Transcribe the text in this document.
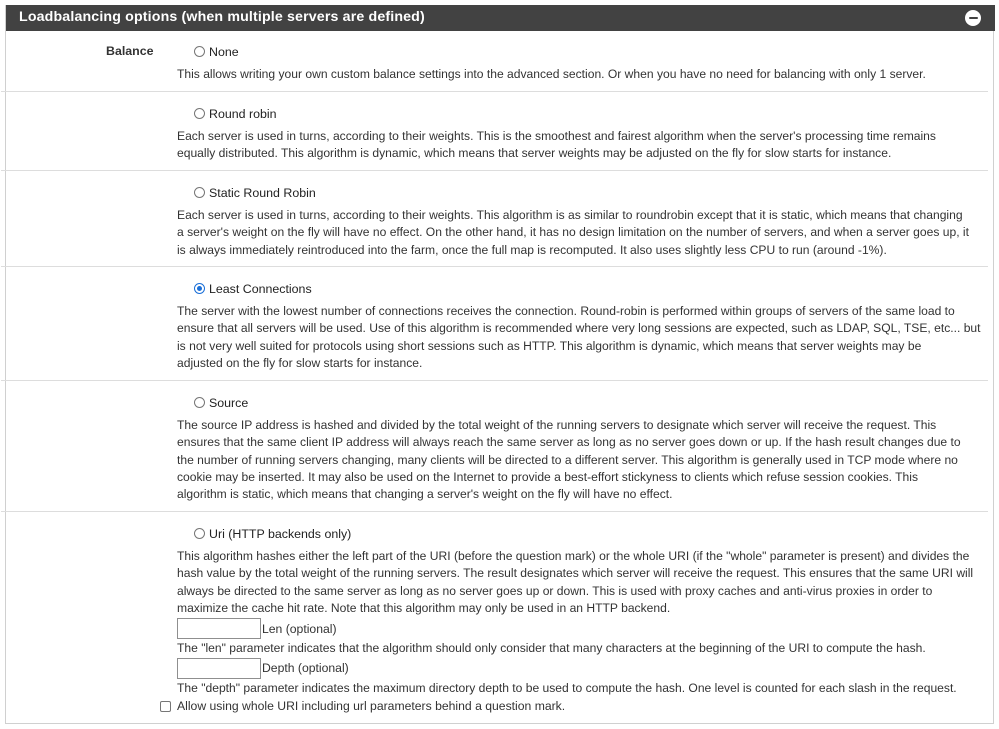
Loadbalancing options (when multiple servers are defined)
Balance	None
This allows writing your own custom balance settings into the advanced section. Or when you have no need for balancing with only 1 server.
Round robin
Each server is used in turns, according to their weights. This is the smoothest and fairest algorithm when the server's processing time remains
equally distributed. This algorithm is dynamic, which means that server weights may be adjusted on the fly for slow starts for instance.
Static Round Robin
Each server is used in turns, according to their weights. This algorithm is as similar to roundrobin except that it is static, which means that changing
a server's weight on the fly will have no effect. On the other hand, it has no design limitation on the number of servers, and when a server goes up, it
is always immediately reintroduced into the farm, once the full map is recomputed. It also uses slightly less CPU to run (around -1%).
Least Connections
The server with the lowest number of connections receives the connection. Round-robin is performed within groups of servers of the same load to
ensure that all servers will be used. Use of this algorithm is recommended where very long sessions are expected, such as LDAP, SQL, TSE, etc... but
is not very well suited for protocols using short sessions such as HTTP. This algorithm is dynamic, which means that server weights may be
adjusted on the fly for slow starts for instance.
Source
The source IP address is hashed and divided by the total weight of the running servers to designate which server will receive the request. This
ensures that the same client IP address will always reach the same server as long as no server goes down or up. If the hash result changes due to
the number of running servers changing, many clients will be directed to a different server. This algorithm is generally used in TCP mode where no
cookie may be inserted. It may also be used on the Internet to provide a best-effort stickyness to clients which refuse session cookies. This
algorithm is static, which means that changing a server's weight on the fly will have no effect.
Uri (HTTP backends only)
This algorithm hashes either the left part of the URI (before the question mark) or the whole URI (if the "whole" parameter is present) and divides the
hash value by the total weight of the running servers. The result designates which server will receive the request. This ensures that the same URI will
always be directed to the same server as long as no server goes up or down. This is used with proxy caches and anti-virus proxies in order to
maximize the cache hit rate. Note that this algorithm may only be used in an HTTP backend.
Len (optional)
The "len" parameter indicates that the algorithm should only consider that many characters at the beginning of the URI to compute the hash.
Depth (optional)
The "depth" parameter indicates the maximum directory depth to be used to compute the hash. One level is counted for each slash in the request.
Allow using whole URI including url parameters behind a question mark.
